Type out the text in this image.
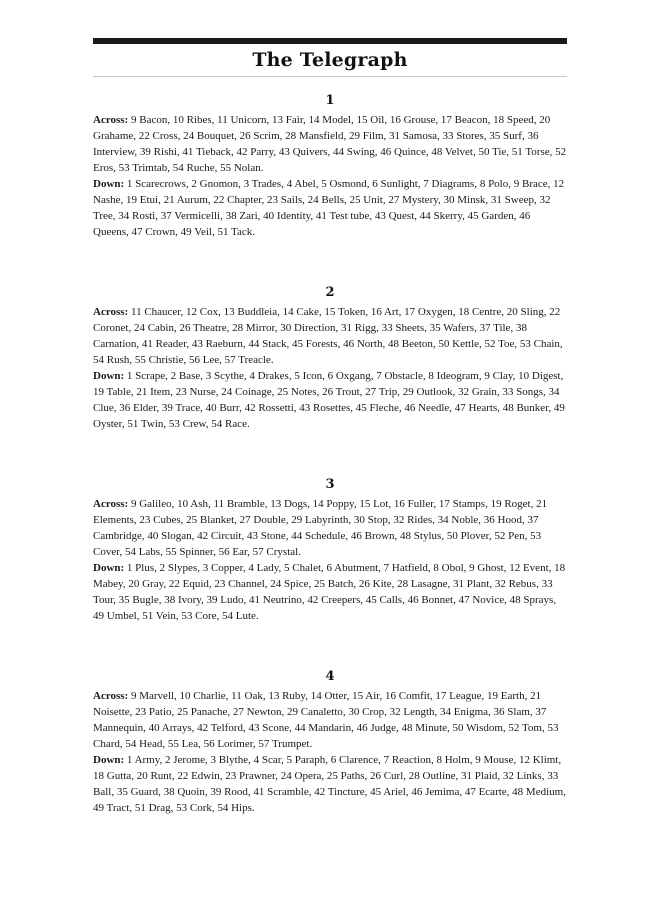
The Telegraph
1

Across: 9 Bacon, 10 Ribes, 11 Unicorn, 13 Fair, 14 Model, 15 Oil, 16 Grouse, 17 Beacon, 18 Speed, 20 Grahame, 22 Cross, 24 Bouquet, 26 Scrim, 28 Mansfield, 29 Film, 31 Samosa, 33 Stores, 35 Surf, 36 Interview, 39 Rishi, 41 Tieback, 42 Parry, 43 Quivers, 44 Swing, 46 Quince, 48 Velvet, 50 Tie, 51 Torse, 52 Eros, 53 Trimtab, 54 Ruche, 55 Nolan.

Down: 1 Scarecrows, 2 Gnomon, 3 Trades, 4 Abel, 5 Osmond, 6 Sunlight, 7 Diagrams, 8 Polo, 9 Brace, 12 Nashe, 19 Etui, 21 Aurum, 22 Chapter, 23 Sails, 24 Bells, 25 Unit, 27 Mystery, 30 Minsk, 31 Sweep, 32 Tree, 34 Rosti, 37 Vermicelli, 38 Zari, 40 Identity, 41 Test tube, 43 Quest, 44 Skerry, 45 Garden, 46 Queens, 47 Crown, 49 Veil, 51 Tack.

2

Across: 11 Chaucer, 12 Cox, 13 Buddleia, 14 Cake, 15 Token, 16 Art, 17 Oxygen, 18 Centre, 20 Sling, 22 Coronet, 24 Cabin, 26 Theatre, 28 Mirror, 30 Direction, 31 Rigg, 33 Sheets, 35 Wafers, 37 Tile, 38 Carnation, 41 Reader, 43 Raeburn, 44 Stack, 45 Forests, 46 North, 48 Beeton, 50 Kettle, 52 Toe, 53 Chain, 54 Rush, 55 Christie, 56 Lee, 57 Treacle.

Down: 1 Scrape, 2 Base, 3 Scythe, 4 Drakes, 5 Icon, 6 Oxgang, 7 Obstacle, 8 Ideogram, 9 Clay, 10 Digest, 19 Table, 21 Item, 23 Nurse, 24 Coinage, 25 Notes, 26 Trout, 27 Trip, 29 Outlook, 32 Grain, 33 Songs, 34 Clue, 36 Elder, 39 Trace, 40 Burr, 42 Rossetti, 43 Rosettes, 45 Fleche, 46 Needle, 47 Hearts, 48 Bunker, 49 Oyster, 51 Twin, 53 Crew, 54 Race.

3

Across: 9 Galileo, 10 Ash, 11 Bramble, 13 Dogs, 14 Poppy, 15 Lot, 16 Fuller, 17 Stamps, 19 Roget, 21 Elements, 23 Cubes, 25 Blanket, 27 Double, 29 Labyrinth, 30 Stop, 32 Rides, 34 Noble, 36 Hood, 37 Cambridge, 40 Slogan, 42 Circuit, 43 Stone, 44 Schedule, 46 Brown, 48 Stylus, 50 Plover, 52 Pen, 53 Cover, 54 Labs, 55 Spinner, 56 Ear, 57 Crystal.

Down: 1 Plus, 2 Slypes, 3 Copper, 4 Lady, 5 Chalet, 6 Abutment, 7 Hatfield, 8 Obol, 9 Ghost, 12 Event, 18 Mabey, 20 Gray, 22 Equid, 23 Channel, 24 Spice, 25 Batch, 26 Kite, 28 Lasagne, 31 Plant, 32 Rebus, 33 Tour, 35 Bugle, 38 Ivory, 39 Ludo, 41 Neutrino, 42 Creepers, 45 Calls, 46 Bonnet, 47 Novice, 48 Sprays, 49 Umbel, 51 Vein, 53 Core, 54 Lute.

4

Across: 9 Marvell, 10 Charlie, 11 Oak, 13 Ruby, 14 Otter, 15 Air, 16 Comfit, 17 League, 19 Earth, 21 Noisette, 23 Patio, 25 Panache, 27 Newton, 29 Canaletto, 30 Crop, 32 Length, 34 Enigma, 36 Slam, 37 Mannequin, 40 Arrays, 42 Telford, 43 Scone, 44 Mandarin, 46 Judge, 48 Minute, 50 Wisdom, 52 Tom, 53 Chard, 54 Head, 55 Lea, 56 Lorimer, 57 Trumpet.

Down: 1 Army, 2 Jerome, 3 Blythe, 4 Scar, 5 Paraph, 6 Clarence, 7 Reaction, 8 Holm, 9 Mouse, 12 Klimt, 18 Gutta, 20 Runt, 22 Edwin, 23 Prawner, 24 Opera, 25 Paths, 26 Curl, 28 Outline, 31 Plaid, 32 Links, 33 Ball, 35 Guard, 38 Quoin, 39 Rood, 41 Scramble, 42 Tincture, 45 Ariel, 46 Jemima, 47 Ecarte, 48 Medium, 49 Tract, 51 Drag, 53 Cork, 54 Hips.
